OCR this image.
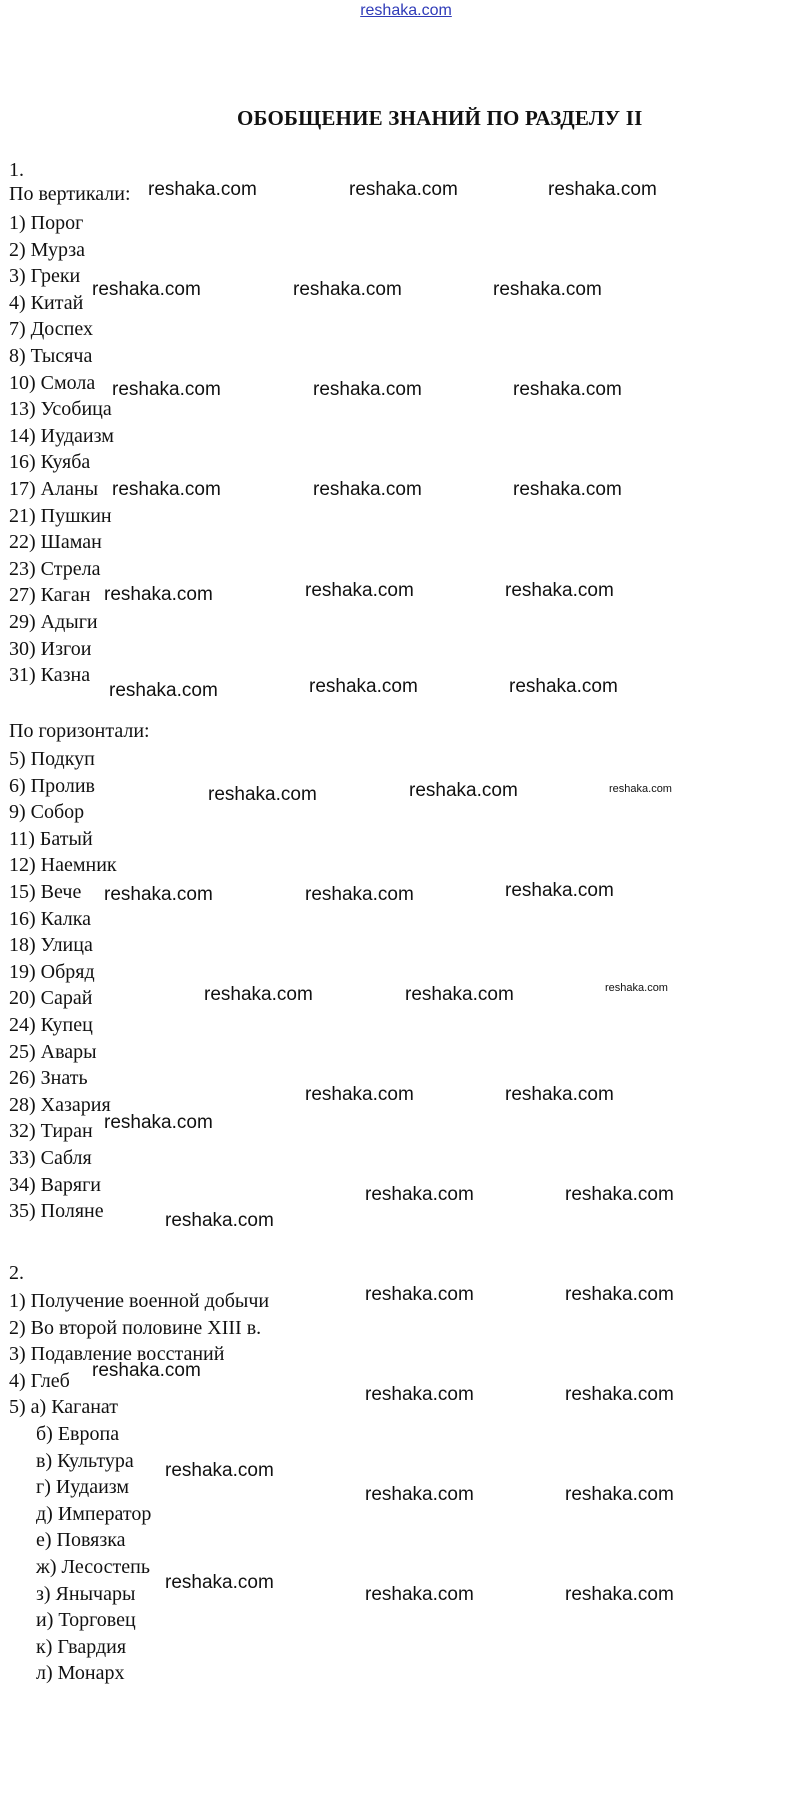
reshaka.com
ОБОБЩЕНИЕ ЗНАНИЙ ПО РАЗДЕЛУ II
1.
По вертикали:
1) Порог
2) Мурза
3) Греки
4) Китай
7) Доспех
8) Тысяча
10) Смола
13) Усобица
14) Иудаизм
16) Куяба
17) Аланы
21) Пушкин
22) Шаман
23) Стрела
27) Каган
29) Адыги
30) Изгои
31) Казна
По горизонтали:
5) Подкуп
6) Пролив
9) Собор
11) Батый
12) Наемник
15) Вече
16) Калка
18) Улица
19) Обряд
20) Сарай
24) Купец
25) Авары
26) Знать
28) Хазария
32) Тиран
33) Сабля
34) Варяги
35) Поляне
2.
1) Получение военной добычи
2) Во второй половине XIII в.
3) Подавление восстаний
4) Глеб
5) а) Каганат
б) Европа
в) Культура
г) Иудаизм
д) Император
е) Повязка
ж) Лесостепь
з) Янычары
и) Торговец
к) Гвардия
л) Монарх
reshaka.com	reshaka.com	reshaka.com
reshaka.com	reshaka.com	reshaka.com
reshaka.com	reshaka.com	reshaka.com
reshaka.com	reshaka.com	reshaka.com
reshaka.com	reshaka.com	reshaka.com
reshaka.com	reshaka.com	reshaka.com
reshaka.com	reshaka.com	reshaka.com
reshaka.com	reshaka.com	reshaka.com
reshaka.com	reshaka.com	reshaka.com
reshaka.com	reshaka.com
reshaka.com
reshaka.com	reshaka.com
reshaka.com
reshaka.com	reshaka.com
reshaka.com
reshaka.com	reshaka.com
reshaka.com
reshaka.com	reshaka.com
reshaka.com
reshaka.com	reshaka.com
